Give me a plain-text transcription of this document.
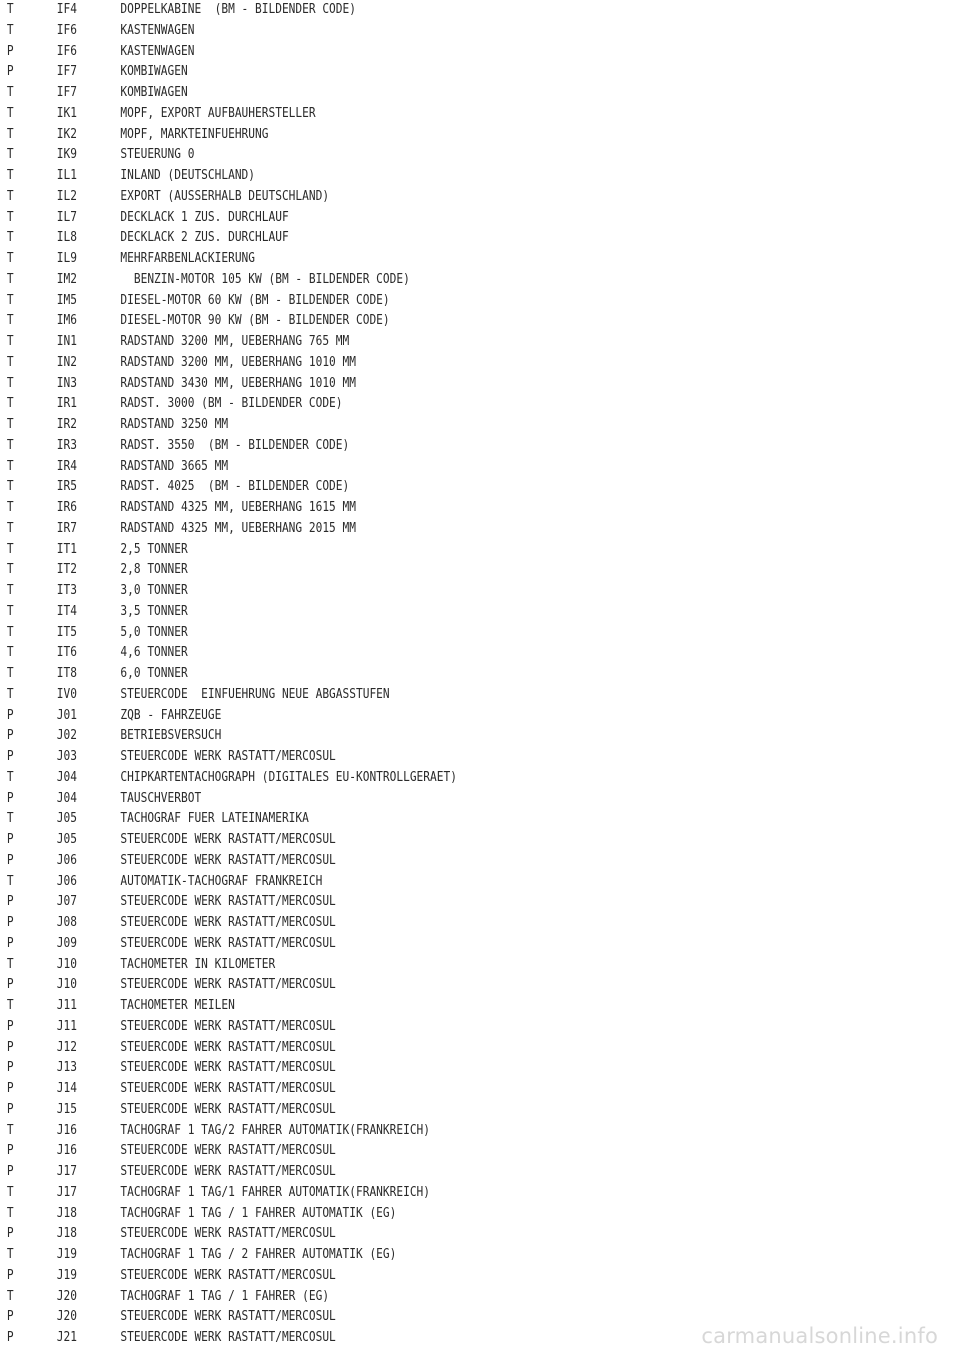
T	IF4	DOPPELKABINE  (BM - BILDENDER CODE)
T	IF6	KASTENWAGEN
P	IF6	KASTENWAGEN
P	IF7	KOMBIWAGEN
T	IF7	KOMBIWAGEN
T	IK1	MOPF, EXPORT AUFBAUHERSTELLER
T	IK2	MOPF, MARKTEINFUEHRUNG
T	IK9	STEUERUNG 0
T	IL1	INLAND (DEUTSCHLAND)
T	IL2	EXPORT (AUSSERHALB DEUTSCHLAND)
T	IL7	DECKLACK 1 ZUS. DURCHLAUF
T	IL8	DECKLACK 2 ZUS. DURCHLAUF
T	IL9	MEHRFARBENLACKIERUNG
T	IM2	BENZIN-MOTOR 105 KW (BM - BILDENDER CODE)
T	IM5	DIESEL-MOTOR 60 KW (BM - BILDENDER CODE)
T	IM6	DIESEL-MOTOR 90 KW (BM - BILDENDER CODE)
T	IN1	RADSTAND 3200 MM, UEBERHANG 765 MM
T	IN2	RADSTAND 3200 MM, UEBERHANG 1010 MM
T	IN3	RADSTAND 3430 MM, UEBERHANG 1010 MM
T	IR1	RADST. 3000 (BM - BILDENDER CODE)
T	IR2	RADSTAND 3250 MM
T	IR3	RADST. 3550  (BM - BILDENDER CODE)
T	IR4	RADSTAND 3665 MM
T	IR5	RADST. 4025  (BM - BILDENDER CODE)
T	IR6	RADSTAND 4325 MM, UEBERHANG 1615 MM
T	IR7	RADSTAND 4325 MM, UEBERHANG 2015 MM
T	IT1	2,5 TONNER
T	IT2	2,8 TONNER
T	IT3	3,0 TONNER
T	IT4	3,5 TONNER
T	IT5	5,0 TONNER
T	IT6	4,6 TONNER
T	IT8	6,0 TONNER
T	IV0	STEUERCODE  EINFUEHRUNG NEUE ABGASSTUFEN
P	J01	ZQB - FAHRZEUGE
P	J02	BETRIEBSVERSUCH
P	J03	STEUERCODE WERK RASTATT/MERCOSUL
T	J04	CHIPKARTENTACHOGRAPH (DIGITALES EU-KONTROLLGERAET)
P	J04	TAUSCHVERBOT
T	J05	TACHOGRAF FUER LATEINAMERIKA
P	J05	STEUERCODE WERK RASTATT/MERCOSUL
P	J06	STEUERCODE WERK RASTATT/MERCOSUL
T	J06	AUTOMATIK-TACHOGRAF FRANKREICH
P	J07	STEUERCODE WERK RASTATT/MERCOSUL
P	J08	STEUERCODE WERK RASTATT/MERCOSUL
P	J09	STEUERCODE WERK RASTATT/MERCOSUL
T	J10	TACHOMETER IN KILOMETER
P	J10	STEUERCODE WERK RASTATT/MERCOSUL
T	J11	TACHOMETER MEILEN
P	J11	STEUERCODE WERK RASTATT/MERCOSUL
P	J12	STEUERCODE WERK RASTATT/MERCOSUL
P	J13	STEUERCODE WERK RASTATT/MERCOSUL
P	J14	STEUERCODE WERK RASTATT/MERCOSUL
P	J15	STEUERCODE WERK RASTATT/MERCOSUL
T	J16	TACHOGRAF 1 TAG/2 FAHRER AUTOMATIK(FRANKREICH)
P	J16	STEUERCODE WERK RASTATT/MERCOSUL
P	J17	STEUERCODE WERK RASTATT/MERCOSUL
T	J17	TACHOGRAF 1 TAG/1 FAHRER AUTOMATIK(FRANKREICH)
T	J18	TACHOGRAF 1 TAG / 1 FAHRER AUTOMATIK (EG)
P	J18	STEUERCODE WERK RASTATT/MERCOSUL
T	J19	TACHOGRAF 1 TAG / 2 FAHRER AUTOMATIK (EG)
P	J19	STEUERCODE WERK RASTATT/MERCOSUL
T	J20	TACHOGRAF 1 TAG / 1 FAHRER (EG)
P	J20	STEUERCODE WERK RASTATT/MERCOSUL
P	J21	STEUERCODE WERK RASTATT/MERCOSUL	carmanualsonline.info
